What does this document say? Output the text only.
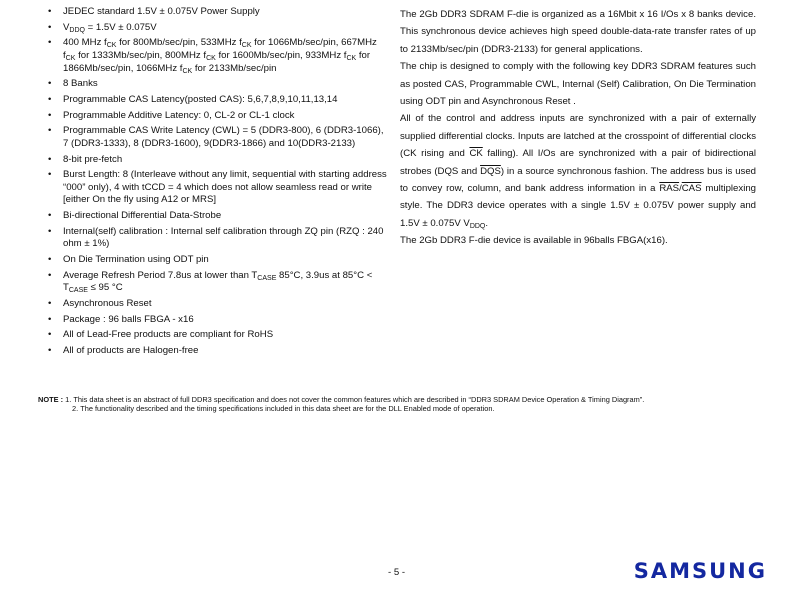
• JEDEC standard 1.5V ± 0.075V Power Supply
• $V_{DDQ} = 1.5V \pm 0.075V$
• 400 MHz $f_{CK}$ for 800Mb/sec/pin, 533MHz $f_{CK}$ for 1066Mb/sec/pin, 667MHz $f_{CK}$ for 1333Mb/sec/pin, 800MHz $f_{CK}$ for 1600Mb/sec/pin, 933MHz $f_{CK}$ for 1866Mb/sec/pin, 1066MHz $f_{CK}$ for 2133Mb/sec/pin
• 8 Banks
• Programmable CAS Latency(posted CAS): 5,6,7,8,9,10,11,13,14
• Programmable Additive Latency: 0, CL-2 or CL-1 clock
• Programmable CAS Write Latency (CWL) = 5 (DDR3-800), 6 (DDR3-1066), 7 (DDR3-1333), 8 (DDR3-1600), 9(DDR3-1866) and 10(DDR3-2133)
• 8-bit pre-fetch
• Burst Length: 8 (Interleave without any limit, sequential with starting address “000” only), 4 with tCCD = 4 which does not allow seamless read or write [either On the fly using A12 or MRS]
• Bi-directional Differential Data-Strobe
• Internal(self) calibration : Internal self calibration through ZQ pin (RZQ : 240 ohm ± 1%)
• On Die Termination using ODT pin
• Average Refresh Period 7.8us at lower than $T_{CASE}$ 85°C, 3.9us at $85^\circ C < T_{CASE} \le 95$ °C
• Asynchronous Reset
• Package : 96 balls FBGA - x16
• All of Lead-Free products are compliant for RoHS
• All of products are Halogen-free

The 2Gb DDR3 SDRAM F-die is organized as a 16Mbit x 16 I/Os x 8 banks device. This synchronous device achieves high speed double-data-rate transfer rates of up to 2133Mb/sec/pin (DDR3-2133) for general applications.

The chip is designed to comply with the following key DDR3 SDRAM features such as posted CAS, Programmable CWL, Internal (Self) Calibration, On Die Termination using ODT pin and Asynchronous Reset .

All of the control and address inputs are synchronized with a pair of externally supplied differential clocks. Inputs are latched at the crosspoint of differential clocks (CK rising and $\overline{CK}$ falling). All I/Os are synchronized with a pair of bidirectional strobes (DQS and $\overline{DQS}$) in a source synchronous fashion. The address bus is used to convey row, column, and bank address information in a $\overline{RAS}/\overline{CAS}$ multiplexing style. The DDR3 device operates with a single 1.5V ± 0.075V power supply and 1.5V ± 0.075V $V_{DDQ}$.

The 2Gb DDR3 F-die device is available in 96balls FBGA(x16).

NOTE : 1. This data sheet is an abstract of full DDR3 specification and does not cover the common features which are described in “DDR3 SDRAM Device Operation & Timing Diagram”.
2. The functionality described and the timing specifications included in this data sheet are for the DLL Enabled mode of operation.
- 5 -	SAMSUNG
